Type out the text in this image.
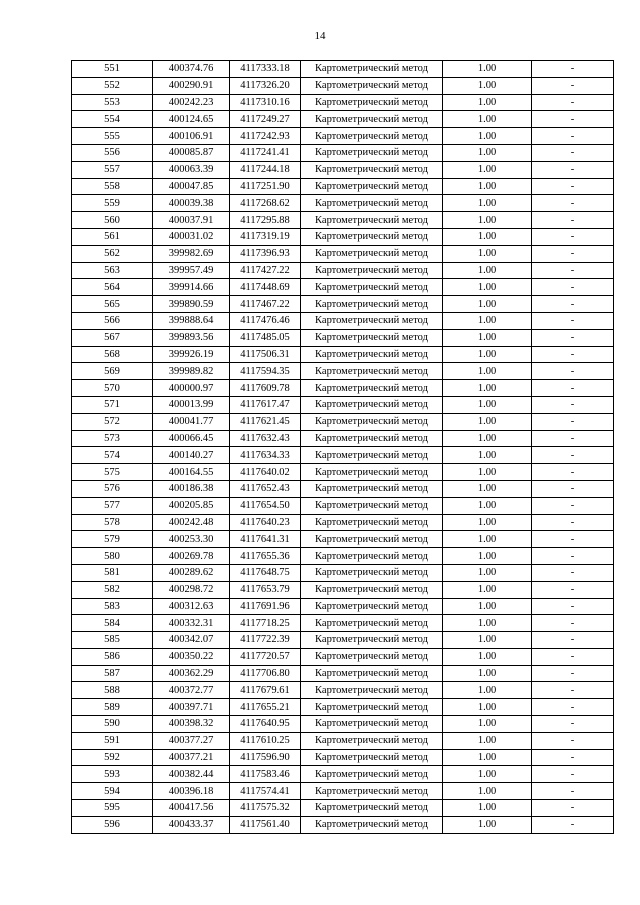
14
551	400374.76	4117333.18	Картометрический метод	1.00	-
552	400290.91	4117326.20	Картометрический метод	1.00	-
553	400242.23	4117310.16	Картометрический метод	1.00	-
554	400124.65	4117249.27	Картометрический метод	1.00	-
555	400106.91	4117242.93	Картометрический метод	1.00	-
556	400085.87	4117241.41	Картометрический метод	1.00	-
557	400063.39	4117244.18	Картометрический метод	1.00	-
558	400047.85	4117251.90	Картометрический метод	1.00	-
559	400039.38	4117268.62	Картометрический метод	1.00	-
560	400037.91	4117295.88	Картометрический метод	1.00	-
561	400031.02	4117319.19	Картометрический метод	1.00	-
562	399982.69	4117396.93	Картометрический метод	1.00	-
563	399957.49	4117427.22	Картометрический метод	1.00	-
564	399914.66	4117448.69	Картометрический метод	1.00	-
565	399890.59	4117467.22	Картометрический метод	1.00	-
566	399888.64	4117476.46	Картометрический метод	1.00	-
567	399893.56	4117485.05	Картометрический метод	1.00	-
568	399926.19	4117506.31	Картометрический метод	1.00	-
569	399989.82	4117594.35	Картометрический метод	1.00	-
570	400000.97	4117609.78	Картометрический метод	1.00	-
571	400013.99	4117617.47	Картометрический метод	1.00	-
572	400041.77	4117621.45	Картометрический метод	1.00	-
573	400066.45	4117632.43	Картометрический метод	1.00	-
574	400140.27	4117634.33	Картометрический метод	1.00	-
575	400164.55	4117640.02	Картометрический метод	1.00	-
576	400186.38	4117652.43	Картометрический метод	1.00	-
577	400205.85	4117654.50	Картометрический метод	1.00	-
578	400242.48	4117640.23	Картометрический метод	1.00	-
579	400253.30	4117641.31	Картометрический метод	1.00	-
580	400269.78	4117655.36	Картометрический метод	1.00	-
581	400289.62	4117648.75	Картометрический метод	1.00	-
582	400298.72	4117653.79	Картометрический метод	1.00	-
583	400312.63	4117691.96	Картометрический метод	1.00	-
584	400332.31	4117718.25	Картометрический метод	1.00	-
585	400342.07	4117722.39	Картометрический метод	1.00	-
586	400350.22	4117720.57	Картометрический метод	1.00	-
587	400362.29	4117706.80	Картометрический метод	1.00	-
588	400372.77	4117679.61	Картометрический метод	1.00	-
589	400397.71	4117655.21	Картометрический метод	1.00	-
590	400398.32	4117640.95	Картометрический метод	1.00	-
591	400377.27	4117610.25	Картометрический метод	1.00	-
592	400377.21	4117596.90	Картометрический метод	1.00	-
593	400382.44	4117583.46	Картометрический метод	1.00	-
594	400396.18	4117574.41	Картометрический метод	1.00	-
595	400417.56	4117575.32	Картометрический метод	1.00	-
596	400433.37	4117561.40	Картометрический метод	1.00	-
